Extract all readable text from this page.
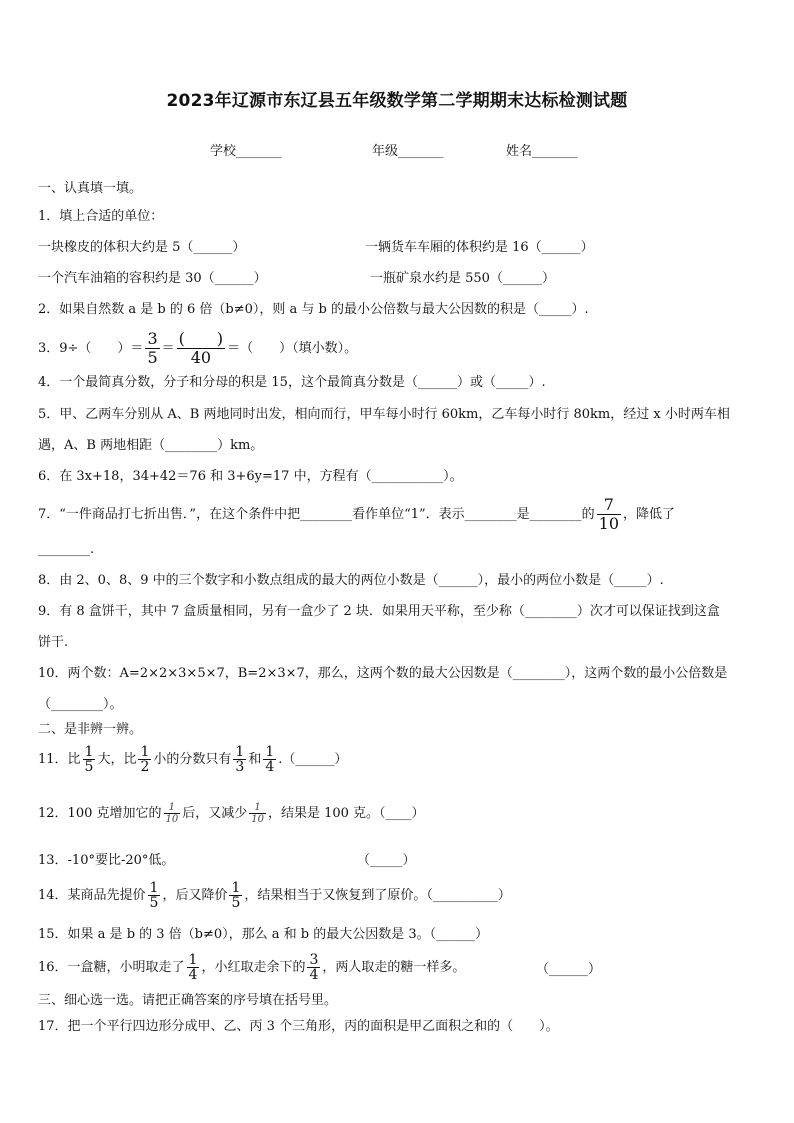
2023年辽源市东辽县五年级数学第二学期期末达标检测试题
学校_______	年级_______	姓名_______
一、认真填一填。
1．填上合适的单位：
一块橡皮的体积大约是 5（______）	一辆货车车厢的体积约是 16（______）
一个汽车油箱的容积约是 30（______）	一瓶矿泉水约是 550（______）
2．如果自然数 a 是 b 的 6 倍（b≠0），则 a 与 b 的最小公倍数与最大公因数的积是（_____）.
3．9÷（　　）＝ $\frac{3}{5} = \frac{( )}{40}$ ＝（　　）（填小数）。
4．一个最简真分数，分子和分母的积是 15，这个最简真分数是（______）或（_____）.
5．甲、乙两车分别从 A、B 两地同时出发，相向而行，甲车每小时行 60km，乙车每小时行 80km，经过 x 小时两车相
遇，A、B 两地相距（________）km。
6．在 3x+18，34+42＝76 和 3+6y=17 中，方程有（___________）。
7．“一件商品打七折出售．”，在这个条件中把________看作单位“1”．表示________是________的 $\frac{7}{10}$ ，降低了
________.
8．由 2、0、8、9 中的三个数字和小数点组成的最大的两位小数是（______），最小的两位小数是（_____）.
9．有 8 盒饼干，其中 7 盒质量相同，另有一盒少了 2 块．如果用天平称，至少称（________）次才可以保证找到这盒
饼干.
10．两个数：A=2×2×3×5×7，B=2×3×7，那么，这两个数的最大公因数是（________），这两个数的最小公倍数是
（________）。
二、是非辨一辨。
11．比 $\frac{1}{5}$ 大，比 $\frac{1}{2}$ 小的分数只有 $\frac{1}{3}$ 和 $\frac{1}{4}$ .（______）
12．100 克增加它的 $\frac{1}{10}$ 后，又减少 $\frac{1}{10}$ ，结果是 100 克。（____）
13．-10°要比-20°低。	（_____）
14．某商品先提价 $\frac{1}{5}$ ，后又降价 $\frac{1}{5}$ ，结果相当于又恢复到了原价。（__________）
15．如果 a 是 b 的 3 倍（b≠0），那么 a 和 b 的最大公因数是 3。（______）
16．一盒糖，小明取走了 $\frac{1}{4}$ ，小红取走余下的 $\frac{3}{4}$ ，两人取走的糖一样多。	（______）
三、细心选一选。请把正确答案的序号填在括号里。
17．把一个平行四边形分成甲、乙、丙 3 个三角形，丙的面积是甲乙面积之和的（　　）。
